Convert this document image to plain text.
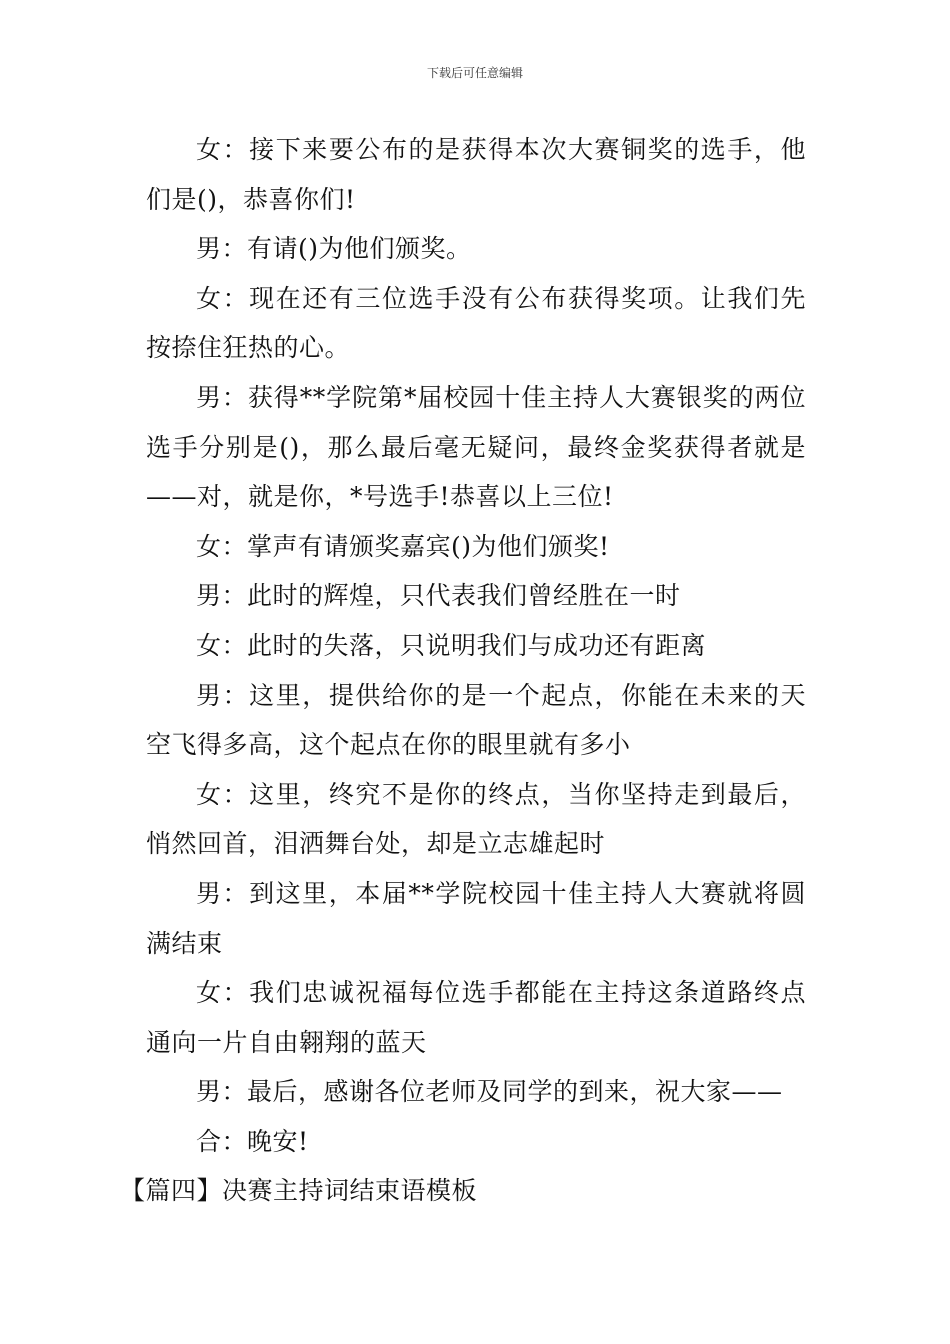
下载后可任意编辑

女：接下来要公布的是获得本次大赛铜奖的选手，他们是()，恭喜你们!

男：有请()为他们颁奖。

女：现在还有三位选手没有公布获得奖项。让我们先按捺住狂热的心。

男：获得**学院第*届校园十佳主持人大赛银奖的两位选手分别是()，那么最后毫无疑问，最终金奖获得者就是——对，就是你，*号选手!恭喜以上三位!

女：掌声有请颁奖嘉宾()为他们颁奖!

男：此时的辉煌，只代表我们曾经胜在一时

女：此时的失落，只说明我们与成功还有距离

男：这里，提供给你的是一个起点，你能在未来的天空飞得多高，这个起点在你的眼里就有多小

女：这里，终究不是你的终点，当你坚持走到最后，悄然回首，泪洒舞台处，却是立志雄起时

男：到这里，本届**学院校园十佳主持人大赛就将圆满结束

女：我们忠诚祝福每位选手都能在主持这条道路终点通向一片自由翱翔的蓝天

男：最后，感谢各位老师及同学的到来，祝大家——

合：晚安!

【篇四】决赛主持词结束语模板
